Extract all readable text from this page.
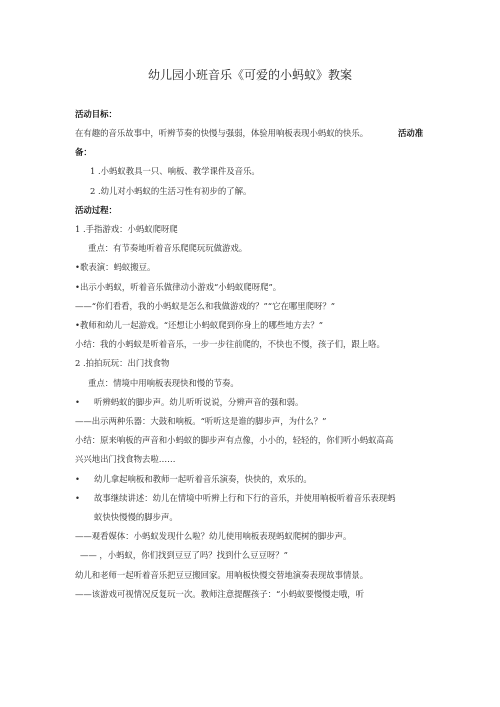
幼儿园小班音乐《可爱的小蚂蚁》教案
活动目标：
在有趣的音乐故事中，听辨节奏的快慢与强弱，体验用响板表现小蚂蚁的快乐。	活动准
备：
1 .小蚂蚁教具一只、响板、教学课件及音乐。
2 .幼儿对小蚂蚁的生活习性有初步的了解。
活动过程：
1 .手指游戏：小蚂蚁爬呀爬
重点：有节奏地听着音乐爬爬玩玩做游戏。
•歌表演：蚂蚁搬豆。
•出示小蚂蚁，听着音乐做律动小游戏“小蚂蚁爬呀爬”。
——“你们看看，我的小蚂蚁是怎么和我做游戏的？”“它在哪里爬呀？”
•教师和幼儿一起游戏。“还想让小蚂蚁爬到你身上的哪些地方去？”
小结：我的小蚂蚁是听着音乐，一步一步往前爬的，不快也不慢，孩子们，跟上咯。
2 .拍拍玩玩：出门找食物
重点：情境中用响板表现快和慢的节奏。
• 听辨蚂蚁的脚步声。幼儿听听说说，分辨声音的强和弱。
——出示两种乐器：大鼓和响板。“听听这是谁的脚步声，为什么？”
小结：原来响板的声音和小蚂蚁的脚步声有点像，小小的，轻轻的，你们听小蚂蚁高高
兴兴地出门找食物去啦……
• 幼儿拿起响板和教师一起听着音乐演奏，快快的，欢乐的。
• 故事继续讲述：幼儿在情境中听辨上行和下行的音乐，并使用响板听着音乐表现蚂
蚁快快慢慢的脚步声。
——观看媒体：小蚂蚁发现什么啦？幼儿使用响板表现蚂蚁爬树的脚步声。
—— ，小蚂蚁，你们找到豆豆了吗？找到什么豆豆呀？”
幼儿和老师一起听着音乐把豆豆搬回家。用响板快慢交替地演奏表现故事情景。
——该游戏可视情况反复玩一次。教师注意提醒孩子：“小蚂蚁要慢慢走哦，听
